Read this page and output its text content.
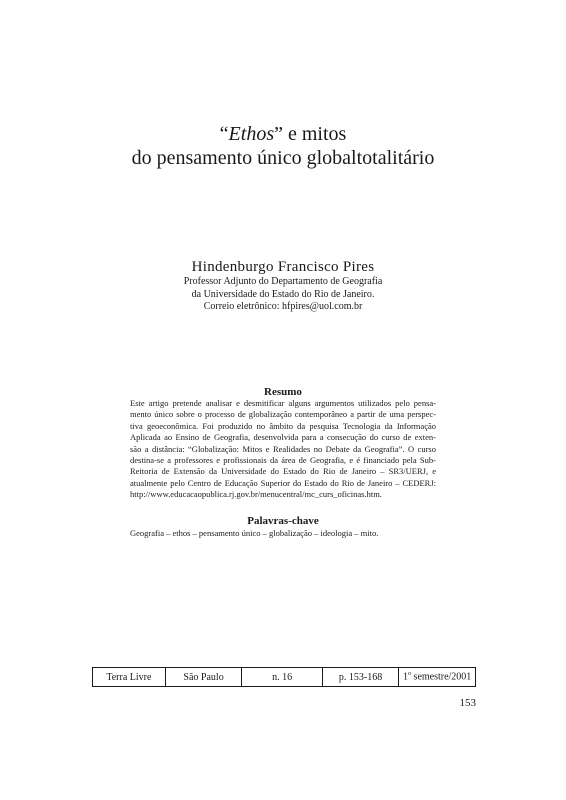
“Ethos” e mitos
do pensamento único globaltotalitário
Hindenburgo Francisco Pires
Professor Adjunto do Departamento de Geografia
da Universidade do Estado do Rio de Janeiro.
Correio eletrônico: hfpires@uol.com.br
Resumo
Este artigo pretende analisar e desmitificar alguns argumentos utilizados pelo pensa-
mento único sobre o processo de globalização contemporâneo a partir de uma perspec-
tiva geoeconômica. Foi produzido no âmbito da pesquisa Tecnologia da Informação
Aplicada ao Ensino de Geografia, desenvolvida para a consecução do curso de exten-
são a distância: “Globalização: Mitos e Realidades no Debate da Geografia”. O curso
destina-se a professores e profissionais da área de Geografia, e é financiado pela Sub-
Reitoria de Extensão da Universidade do Estado do Rio de Janeiro – SR3/UERJ, e
atualmente pelo Centro de Educação Superior do Estado do Rio de Janeiro – CEDERJ:
http://www.educacaopublica.rj.gov.br/menucentral/mc_curs_oficinas.htm.
Palavras-chave
Geografia – ethos – pensamento único – globalização – ideologia – mito.
Terra Livre	São Paulo	n. 16	p. 153-168	1$^o$ semestre/2001
153
